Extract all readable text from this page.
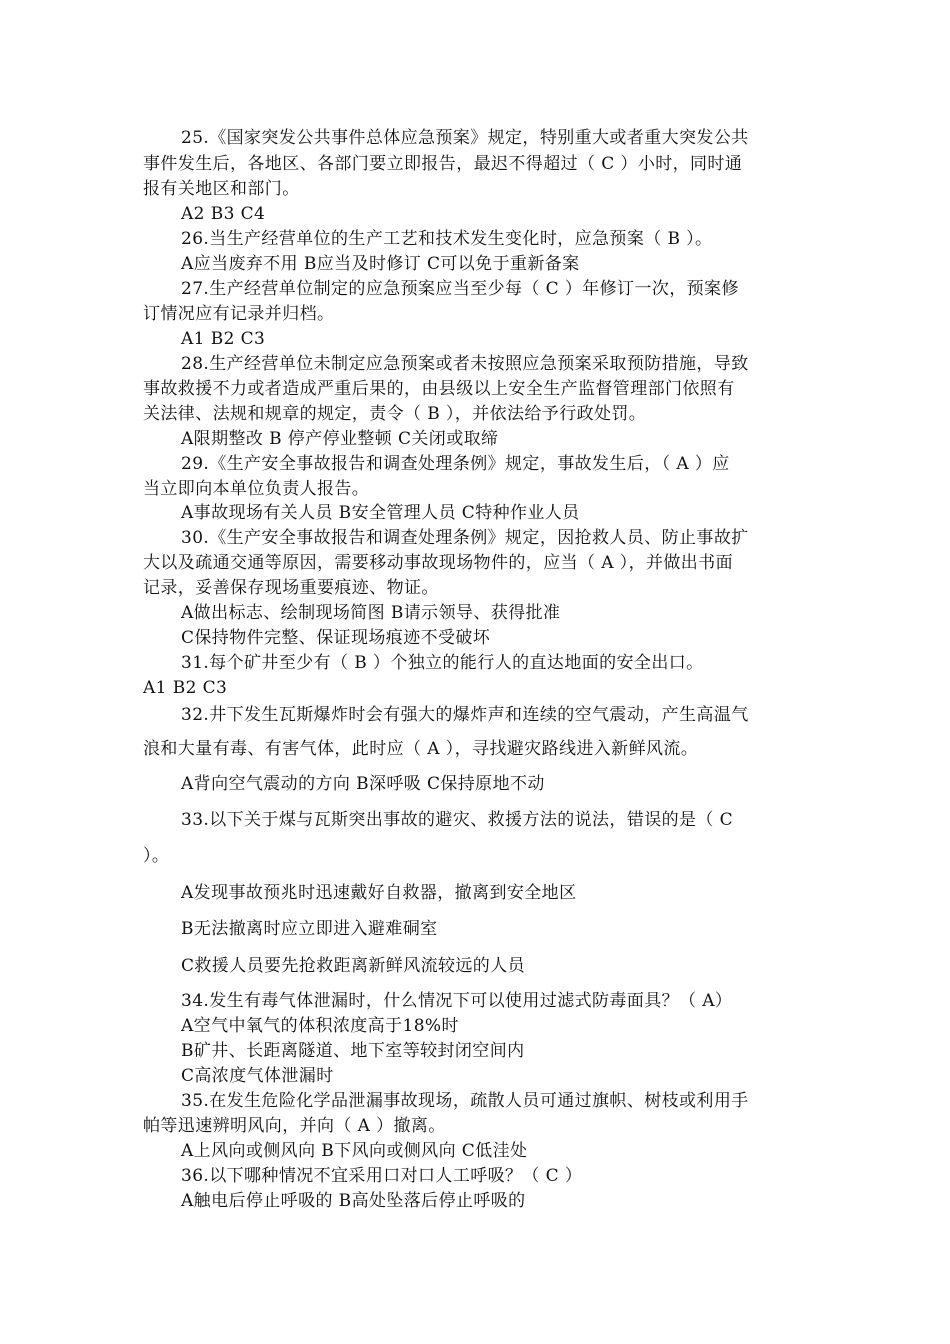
25.《国家突发公共事件总体应急预案》规定，特别重大或者重大突发公共
事件发生后，各地区、各部门要立即报告，最迟不得超过（ C ）小时，同时通
报有关地区和部门。
A2 B3 C4
26.当生产经营单位的生产工艺和技术发生变化时，应急预案（ B ）。
A应当废弃不用 B应当及时修订 C可以免于重新备案
27.生产经营单位制定的应急预案应当至少每（ C ）年修订一次，预案修
订情况应有记录并归档。
A1 B2 C3
28.生产经营单位未制定应急预案或者未按照应急预案采取预防措施，导致
事故救援不力或者造成严重后果的，由县级以上安全生产监督管理部门依照有
关法律、法规和规章的规定，责令（ B ），并依法给予行政处罚。
A限期整改 B 停产停业整顿 C关闭或取缔
29.《生产安全事故报告和调查处理条例》规定，事故发生后，（ A ）应
当立即向本单位负责人报告。
A事故现场有关人员 B安全管理人员 C特种作业人员
30.《生产安全事故报告和调查处理条例》规定，因抢救人员、防止事故扩
大以及疏通交通等原因，需要移动事故现场物件的，应当（ A ），并做出书面
记录，妥善保存现场重要痕迹、物证。
A做出标志、绘制现场简图 B请示领导、获得批准
C保持物件完整、保证现场痕迹不受破坏
31.每个矿井至少有（ B ）个独立的能行人的直达地面的安全出口。
A1 B2 C3
32.井下发生瓦斯爆炸时会有强大的爆炸声和连续的空气震动，产生高温气
浪和大量有毒、有害气体，此时应（ A ），寻找避灾路线进入新鲜风流。
A背向空气震动的方向 B深呼吸 C保持原地不动
33.以下关于煤与瓦斯突出事故的避灾、救援方法的说法，错误的是（ C
）。
A发现事故预兆时迅速戴好自救器，撤离到安全地区
B无法撤离时应立即进入避难硐室
C救援人员要先抢救距离新鲜风流较远的人员
34.发生有毒气体泄漏时，什么情况下可以使用过滤式防毒面具？（ A）
A空气中氧气的体积浓度高于18%时
B矿井、长距离隧道、地下室等较封闭空间内
C高浓度气体泄漏时
35.在发生危险化学品泄漏事故现场，疏散人员可通过旗帜、树枝或利用手
帕等迅速辨明风向，并向（ A ）撤离。
A上风向或侧风向 B下风向或侧风向 C低洼处
36.以下哪种情况不宜采用口对口人工呼吸？（ C ）
A触电后停止呼吸的 B高处坠落后停止呼吸的
